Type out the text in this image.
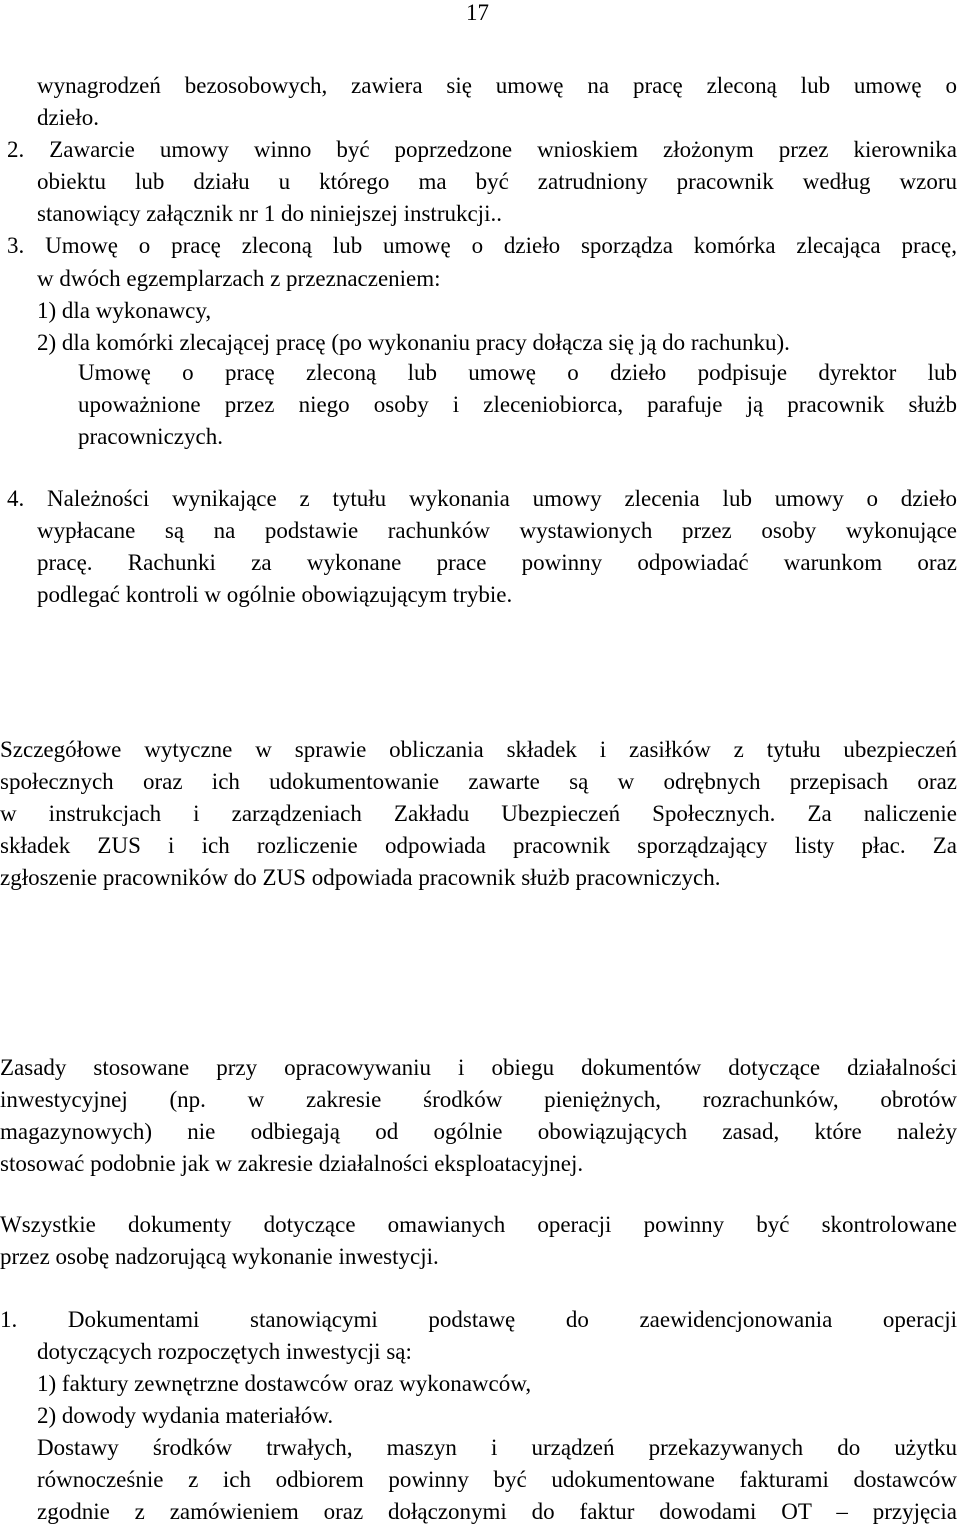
17
wynagrodzeń bezosobowych, zawiera się umowę na pracę zleconą lub umowę o
dzieło.
2. Zawarcie umowy winno być poprzedzone wnioskiem złożonym przez kierownika
obiektu lub działu u którego ma być zatrudniony pracownik według wzoru
stanowiący załącznik nr 1 do niniejszej instrukcji..
3. Umowę o pracę zleconą lub umowę o dzieło sporządza komórka zlecająca pracę,
w dwóch egzemplarzach z przeznaczeniem:
1) dla wykonawcy,
2) dla komórki zlecającej pracę (po wykonaniu pracy dołącza się ją do rachunku).
Umowę o pracę zleconą lub umowę o dzieło podpisuje dyrektor lub
upoważnione przez niego osoby i zleceniobiorca, parafuje ją pracownik służb
pracowniczych.
4. Należności wynikające z tytułu wykonania umowy zlecenia lub umowy o dzieło
wypłacane są na podstawie rachunków wystawionych przez osoby wykonujące
pracę. Rachunki za wykonane prace powinny odpowiadać warunkom oraz
podlegać kontroli w ogólnie obowiązującym trybie.
Szczegółowe wytyczne w sprawie obliczania składek i zasiłków z tytułu ubezpieczeń
społecznych oraz ich udokumentowanie zawarte są w odrębnych przepisach oraz
w instrukcjach i zarządzeniach Zakładu Ubezpieczeń Społecznych. Za naliczenie
składek ZUS i ich rozliczenie odpowiada pracownik sporządzający listy płac. Za
zgłoszenie pracowników do ZUS odpowiada pracownik służb pracowniczych.
Zasady stosowane przy opracowywaniu i obiegu dokumentów dotyczące działalności
inwestycyjnej (np. w zakresie środków pieniężnych, rozrachunków, obrotów
magazynowych) nie odbiegają od ogólnie obowiązujących zasad, które należy
stosować podobnie jak w zakresie działalności eksploatacyjnej.
Wszystkie dokumenty dotyczące omawianych operacji powinny być skontrolowane
przez osobę nadzorującą wykonanie inwestycji.
1. Dokumentami stanowiącymi podstawę do zaewidencjonowania operacji
dotyczących rozpoczętych inwestycji są:
1) faktury zewnętrzne dostawców oraz wykonawców,
2) dowody wydania materiałów.
Dostawy środków trwałych, maszyn i urządzeń przekazywanych do użytku
równocześnie z ich odbiorem powinny być udokumentowane fakturami dostawców
zgodnie z zamówieniem oraz dołączonymi do faktur dowodami OT – przyjęcia
